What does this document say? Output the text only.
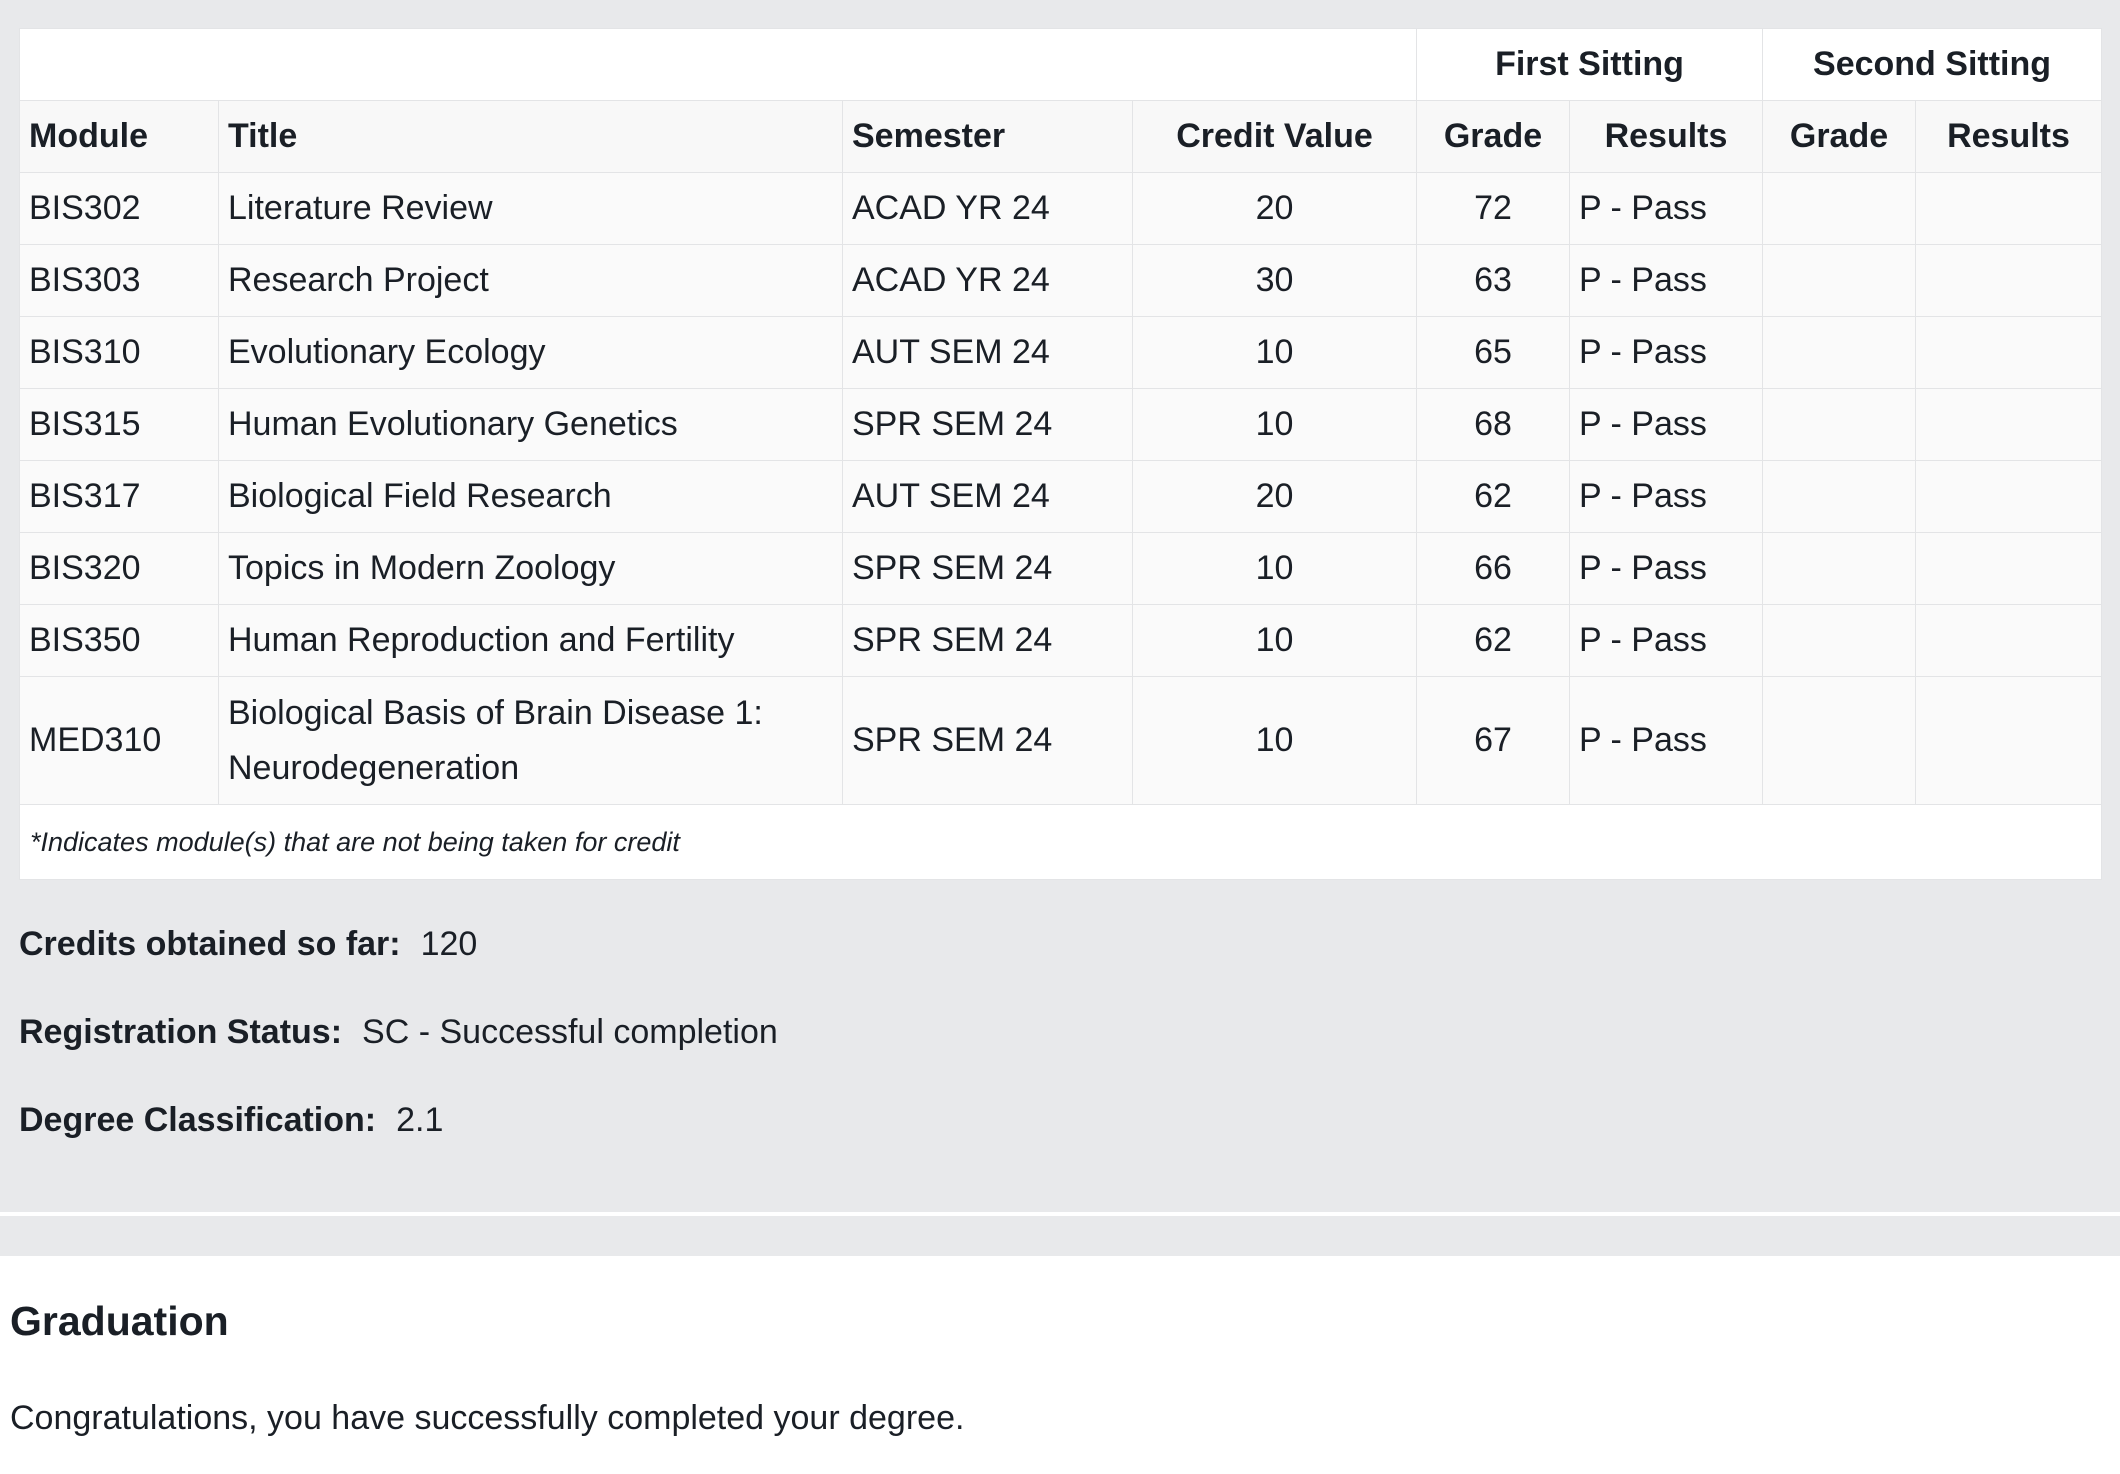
				First Sitting		Second Sitting	
Module	Title	Semester	Credit Value	Grade	Results	Grade	Results
BIS302	Literature Review	ACAD YR 24	20	72	P - Pass		
BIS303	Research Project	ACAD YR 24	30	63	P - Pass		
BIS310	Evolutionary Ecology	AUT SEM 24	10	65	P - Pass		
BIS315	Human Evolutionary Genetics	SPR SEM 24	10	68	P - Pass		
BIS317	Biological Field Research	AUT SEM 24	20	62	P - Pass		
BIS320	Topics in Modern Zoology	SPR SEM 24	10	66	P - Pass		
BIS350	Human Reproduction and Fertility	SPR SEM 24	10	62	P - Pass		
MED310	Biological Basis of Brain Disease 1: Neurodegeneration	SPR SEM 24	10	67	P - Pass		
*Indicates module(s) that are not being taken for credit							
Credits obtained so far: 120
Registration Status: SC - Successful completion
Degree Classification: 2.1
Graduation

Congratulations, you have successfully completed your degree.
